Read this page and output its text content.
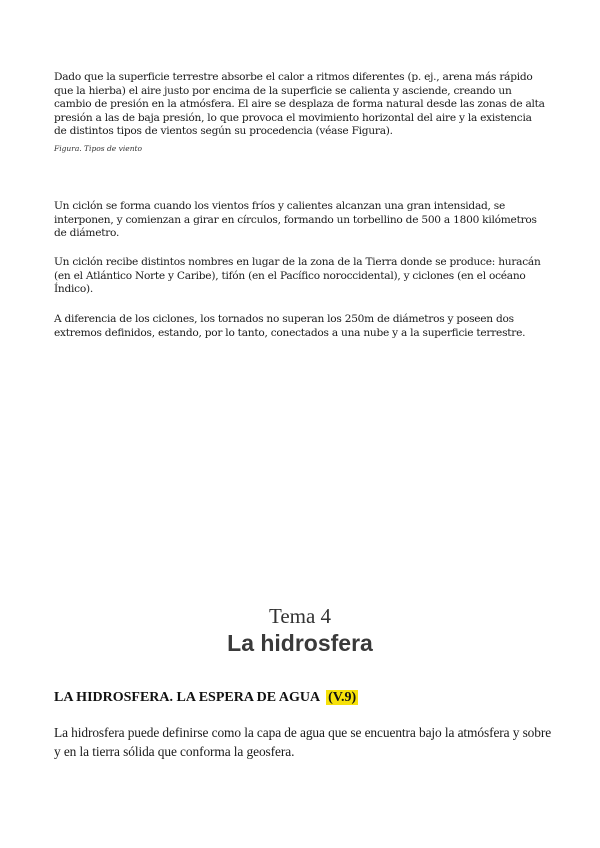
Dado que la superficie terrestre absorbe el calor a ritmos diferentes (p. ej., arena más rápido que la hierba) el aire justo por encima de la superficie se calienta y asciende, creando un cambio de presión en la atmósfera. El aire se desplaza de forma natural desde las zonas de alta presión a las de baja presión, lo que provoca el movimiento horizontal del aire y la existencia de distintos tipos de vientos según su procedencia (véase Figura).

Figura. Tipos de viento

Un ciclón se forma cuando los vientos fríos y calientes alcanzan una gran intensidad, se interponen, y comienzan a girar en círculos, formando un torbellino de 500 a 1800 kilómetros de diámetro.

Un ciclón recibe distintos nombres en lugar de la zona de la Tierra donde se produce: huracán (en el Atlántico Norte y Caribe), tifón (en el Pacífico noroccidental), y ciclones (en el océano Índico).

A diferencia de los ciclones, los tornados no superan los 250m de diámetros y poseen dos extremos definidos, estando, por lo tanto, conectados a una nube y a la superficie terrestre.

Tema 4
La hidrosfera
LA HIDROSFERA. LA ESPERA DE AGUA (V.9)

La hidrosfera puede definirse como la capa de agua que se encuentra bajo la atmósfera y sobre y en la tierra sólida que conforma la geosfera.
